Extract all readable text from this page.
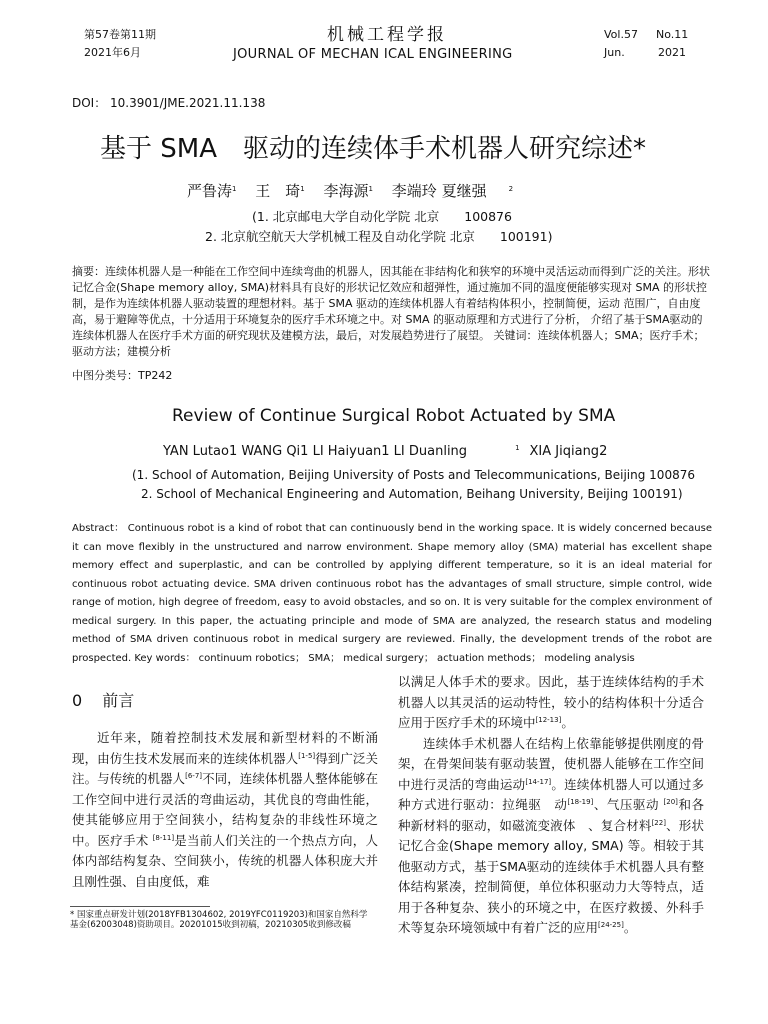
第57卷第11期
2021年6月
机械工程学报
JOURNAL OF MECHAN ICAL ENGINEERING
Vol.57 No.11
Jun.	2021
DOI： 10.3901/JME.2021.11.138
基于 SMA　驱动的连续体手术机器人研究综述*
严鲁涛$^1$ 王　琦$^1$ 李海源$^1$ 李端玲 夏继强	$^2$
(1. 北京邮电大学自动化学院 北京　　100876
2. 北京航空航天大学机械工程及自动化学院 北京　　100191)
摘要：连续体机器人是一种能在工作空间中连续弯曲的机器人，因其能在非结构化和狭窄的环境中灵活运动而得到广泛的关注。形状记忆合金(Shape memory alloy, SMA)材料具有良好的形状记忆效应和超弹性，通过施加不同的温度便能够实现对 SMA 的形状控制，是作为连续体机器人驱动装置的理想材料。基于 SMA 驱动的连续体机器人有着结构体积小，控制简便，运动 范围广，自由度高，易于避障等优点，十分适用于环境复杂的医疗手术环境之中。对 SMA 的驱动原理和方式进行了分析， 介绍了基于SMA驱动的连续体机器人在医疗手术方面的研究现状及建模方法，最后，对发展趋势进行了展望。 关键词：连续体机器人；SMA；医疗手术；驱动方法；建模分析
中图分类号：TP242
Review of Continue Surgical Robot Actuated by SMA
YAN Lutao1 WANG Qi1 LI Haiyuan1 LI Duanling	$^1$ XIA Jiqiang2
(1. School of Automation, Beijing University of Posts and Telecommunications, Beijing 100876
2. School of Mechanical Engineering and Automation, Beihang University, Beijing 100191)
Abstract： Continuous robot is a kind of robot that can continuously bend in the working space. It is widely concerned because it can move flexibly in the unstructured and narrow environment. Shape memory alloy (SMA) material has excellent shape memory effect and superplastic, and can be controlled by applying different temperature, so it is an ideal material for continuous robot actuating device. SMA driven continuous robot has the advantages of small structure, simple control, wide range of motion, high degree of freedom, easy to avoid obstacles, and so on. It is very suitable for the complex environment of medical surgery. In this paper, the actuating principle and mode of SMA are analyzed, the research status and modeling method of SMA driven continuous robot in medical surgery are reviewed. Finally, the development trends of the robot are prospected. Key words： continuum robotics； SMA； medical surgery； actuation methods； modeling analysis
0 前言

近年来，随着控制技术发展和新型材料的不断涌现，由仿生技术发展而来的连续体机器人[1-5]得到广泛关注。与传统的机器人[6-7]不同，连续体机器人整体能够在工作空间中进行灵活的弯曲运动，其优良的弯曲性能，使其能够应用于空间狭小，结构复杂的非线性环境之中。医疗手术 [8-11]是当前人们关注的一个热点方向，人体内部结构复杂、空间狭小，传统的机器人体积庞大并且刚性强、自由度低，难

以满足人体手术的要求。因此，基于连续体结构的手术机器人以其灵活的运动特性，较小的结构体积十分适合应用于医疗手术的环境中[12-13]。

连续体手术机器人在结构上依靠能够提供刚度的骨架，在骨架间装有驱动装置，使机器人能够在工作空间中进行灵活的弯曲运动[14-17]。连续体机器人可以通过多种方式进行驱动：拉绳驱　动[18-19]、气压驱动 [20]和各种新材料的驱动，如磁流变液体　、复合材料[22]、形状记忆合金(Shape memory alloy, SMA) 等。相较于其他驱动方式，基于SMA驱动的连续体手术机器人具有整体结构紧凑，控制简便，单位体积驱动力大等特点，适用于各种复杂、狭小的环境之中，在医疗救援、外科手术等复杂环境领域中有着广泛的应用[24-25]。

* 国家重点研发计划(2018YFB1304602, 2019YFC0119203)和国家自然科学基金(62003048)资助项目。20201015收到初稿，20210305收到修改稿
